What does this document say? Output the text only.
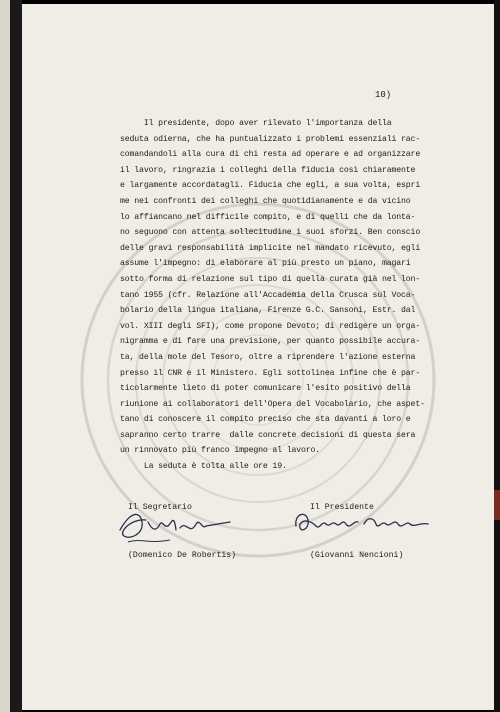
10)
Il presidente, dopo aver rilevato l'importanza della
seduta odierna, che ha puntualizzato i problemi essenziali rac-
comandandoli alla cura di chi resta ad operare e ad organizzare
il lavoro, ringrazia i colleghi della fiducia così chiaramente
e largamente accordatagli. Fiducia che egli, a sua volta, espri
me nei confronti dei colleghi che quotidianamente e da vicino
lo affiancano nel difficile compito, e di quelli che da lonta-
no seguono con attenta sollecitudine i suoi sforzi. Ben conscio
delle gravi responsabilità implicite nel mandato ricevuto, egli
assume l'impegno: di elaborare al più presto un piano, magari
sotto forma di relazione sul tipo di quella curata già nel lon-
tano 1955 (cfr. Relazione all'Accademia della Crusca sul Voca-
bolario della lingua italiana, Firenze G.C. Sansoni, Estr. dal
vol. XIII degli SFI), come propone Devoto; di redigere un orga-
nigramma e di fare una previsione, per quanto possibile accura-
ta, della mole del Tesoro, oltre a riprendere l'azione esterna
presso il CNR e il Ministero. Egli sottolinea infine che è par-
ticolarmente lieto di poter comunicare l'esito positivo della
riunione ai collaboratori dell'Opera del Vocabolario, che aspet-
tano di conoscere il compito preciso che sta davanti a loro e
sapranno certo trarre  dalle concrete decisioni di questa sera
un rinnovato più franco impegno al lavoro.
La seduta è tolta alle ore 19.

Il Segretario

(Domenico De Robertis)

Il Presidente

(Giovanni Nencioni)
